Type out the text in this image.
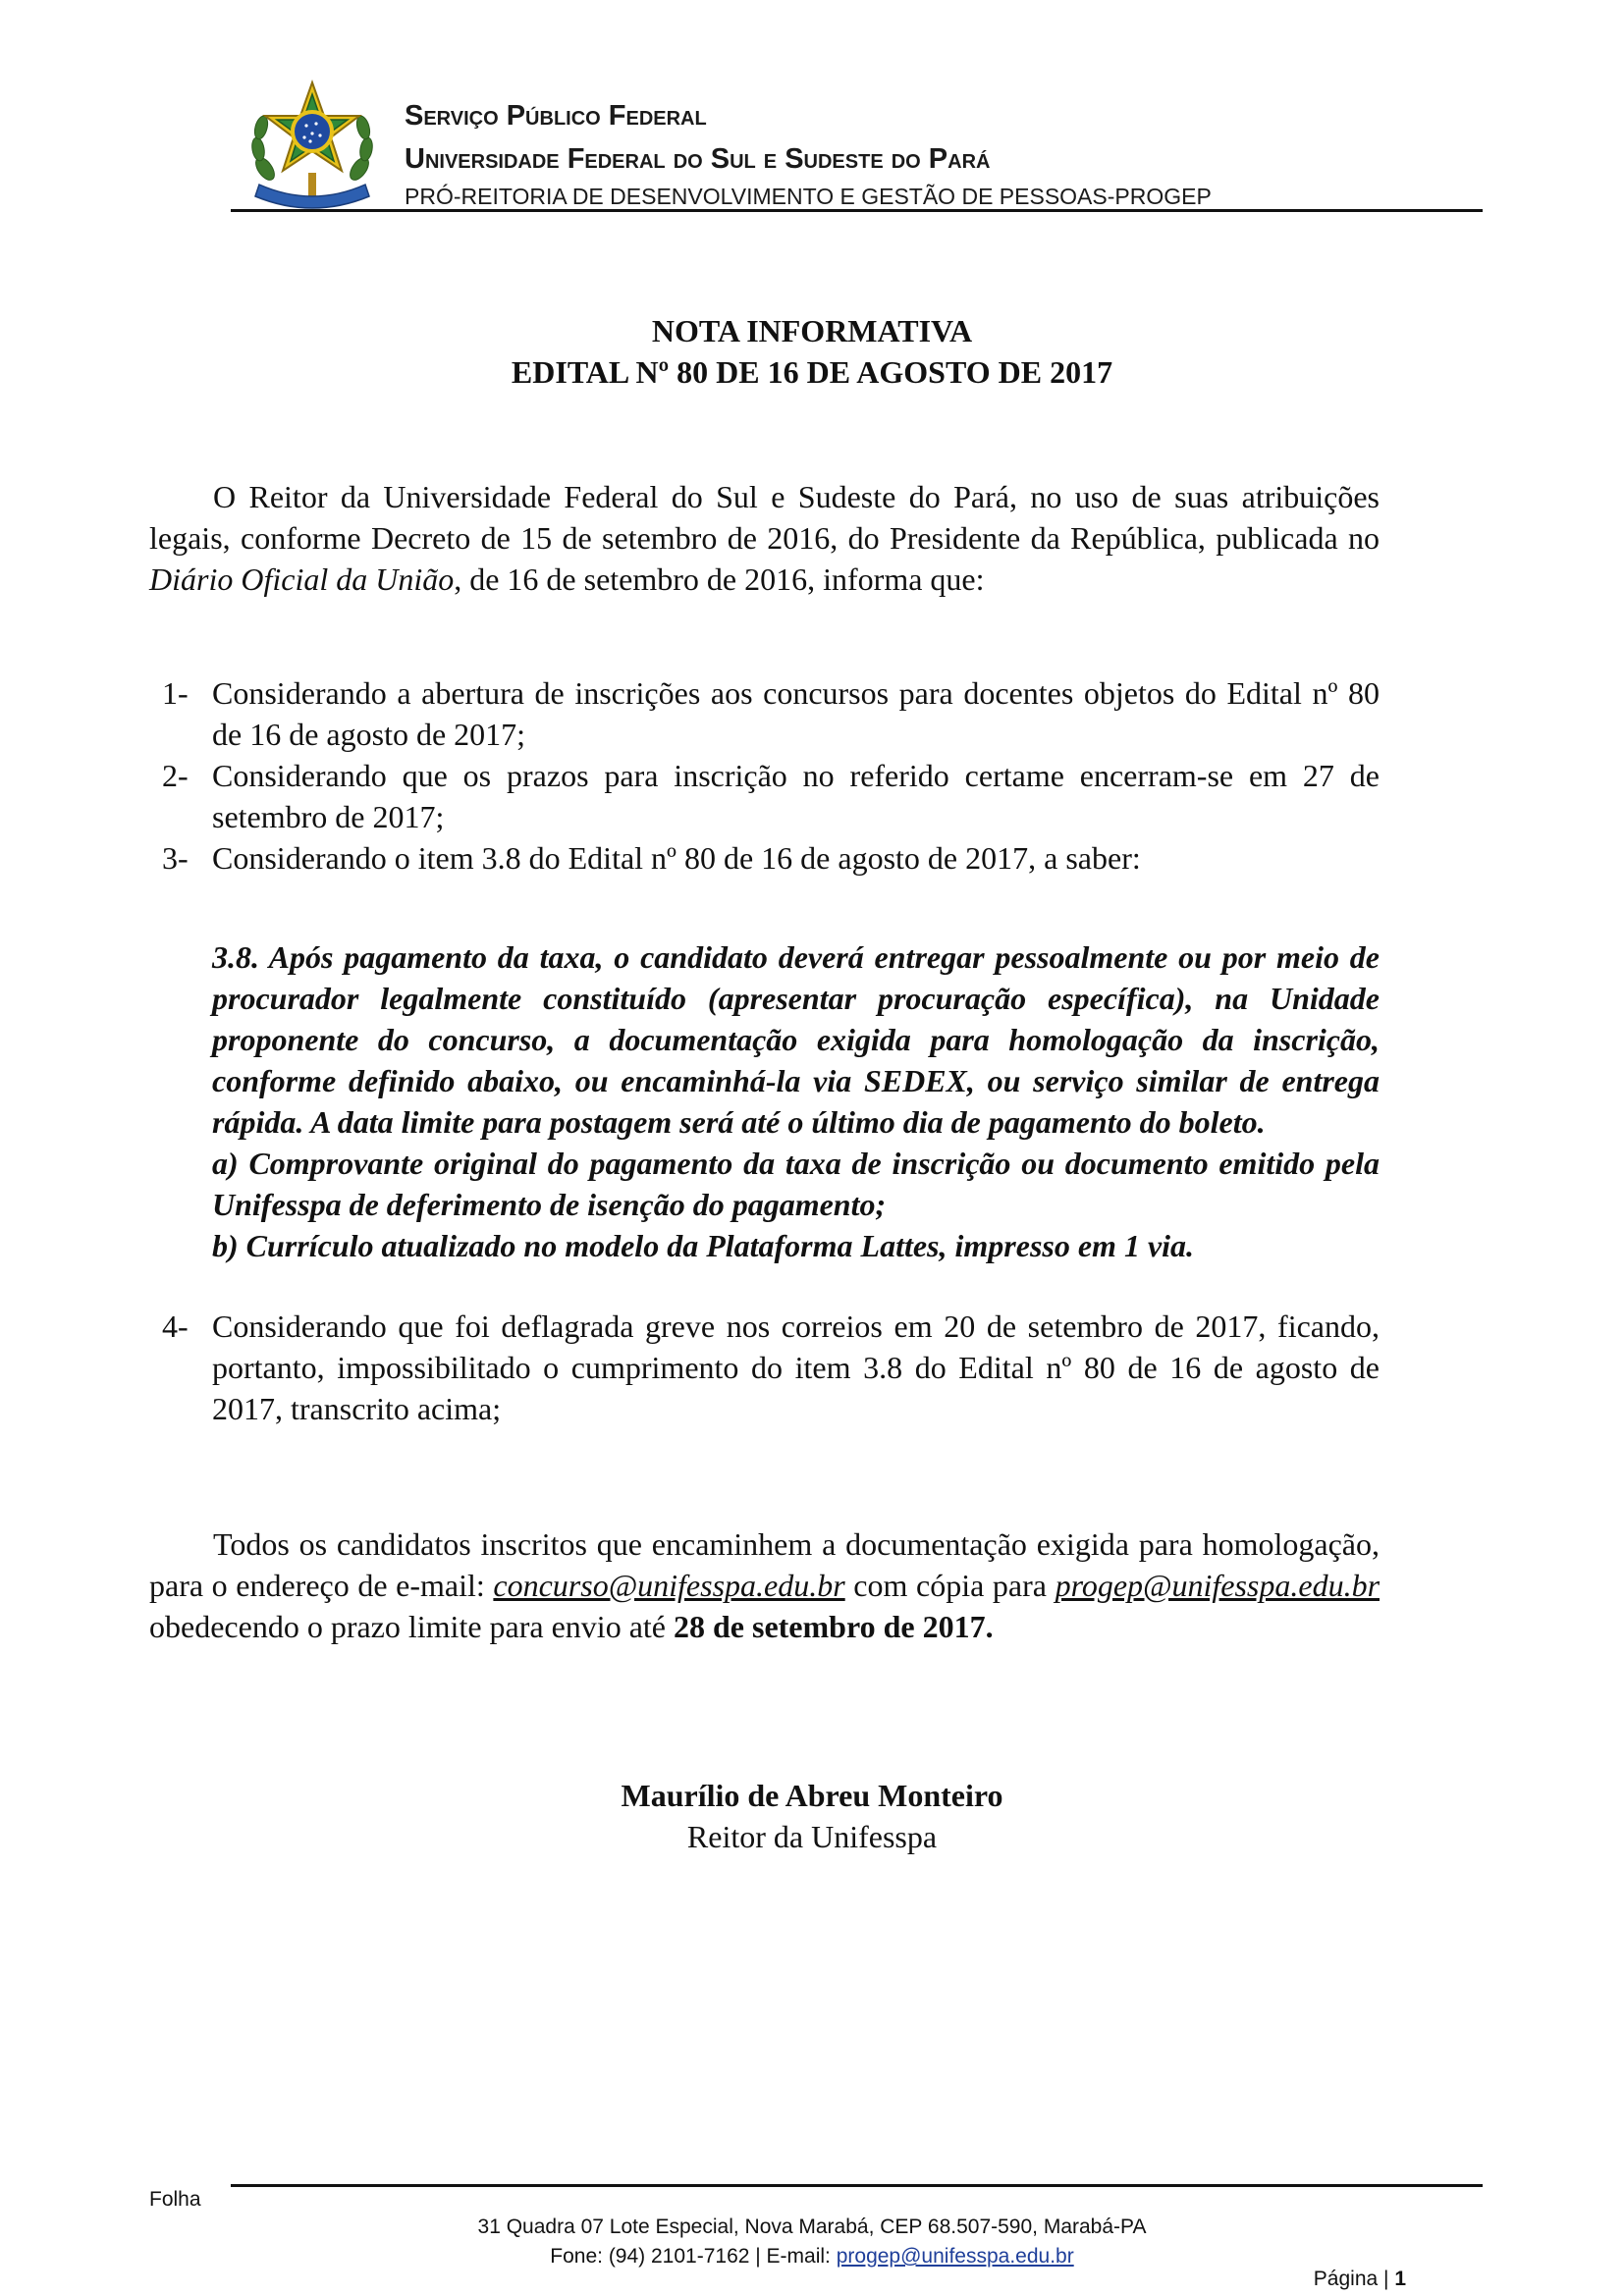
Serviço Público Federal
Universidade Federal do Sul e Sudeste do Pará
PRÓ-REITORIA DE DESENVOLVIMENTO E GESTÃO DE PESSOAS-PROGEP
NOTA INFORMATIVA
EDITAL Nº 80 DE 16 DE AGOSTO DE 2017
O Reitor da Universidade Federal do Sul e Sudeste do Pará, no uso de suas atribuições legais, conforme Decreto de 15 de setembro de 2016, do Presidente da República, publicada no Diário Oficial da União, de 16 de setembro de 2016, informa que:
1- Considerando a abertura de inscrições aos concursos para docentes objetos do Edital nº 80 de 16 de agosto de 2017;
2- Considerando que os prazos para inscrição no referido certame encerram-se em 27 de setembro de 2017;
3- Considerando o item 3.8 do Edital nº 80 de 16 de agosto de 2017, a saber:

3.8. Após pagamento da taxa, o candidato deverá entregar pessoalmente ou por meio de procurador legalmente constituído (apresentar procuração específica), na Unidade proponente do concurso, a documentação exigida para homologação da inscrição, conforme definido abaixo, ou encaminhá-la via SEDEX, ou serviço similar de entrega rápida. A data limite para postagem será até o último dia de pagamento do boleto.

a) Comprovante original do pagamento da taxa de inscrição ou documento emitido pela Unifesspa de deferimento de isenção do pagamento;

b) Currículo atualizado no modelo da Plataforma Lattes, impresso em 1 via.

4- Considerando que foi deflagrada greve nos correios em 20 de setembro de 2017, ficando, portanto, impossibilitado o cumprimento do item 3.8 do Edital nº 80 de 16 de agosto de 2017, transcrito acima;
Todos os candidatos inscritos que encaminhem a documentação exigida para homologação, para o endereço de e-mail: concurso@unifesspa.edu.br com cópia para progep@unifesspa.edu.br obedecendo o prazo limite para envio até 28 de setembro de 2017.
Maurílio de Abreu Monteiro
Reitor da Unifesspa
Folha
31 Quadra 07 Lote Especial, Nova Marabá, CEP 68.507-590, Marabá-PA
Fone: (94) 2101-7162 | E-mail: progep@unifesspa.edu.br
Página | 1
